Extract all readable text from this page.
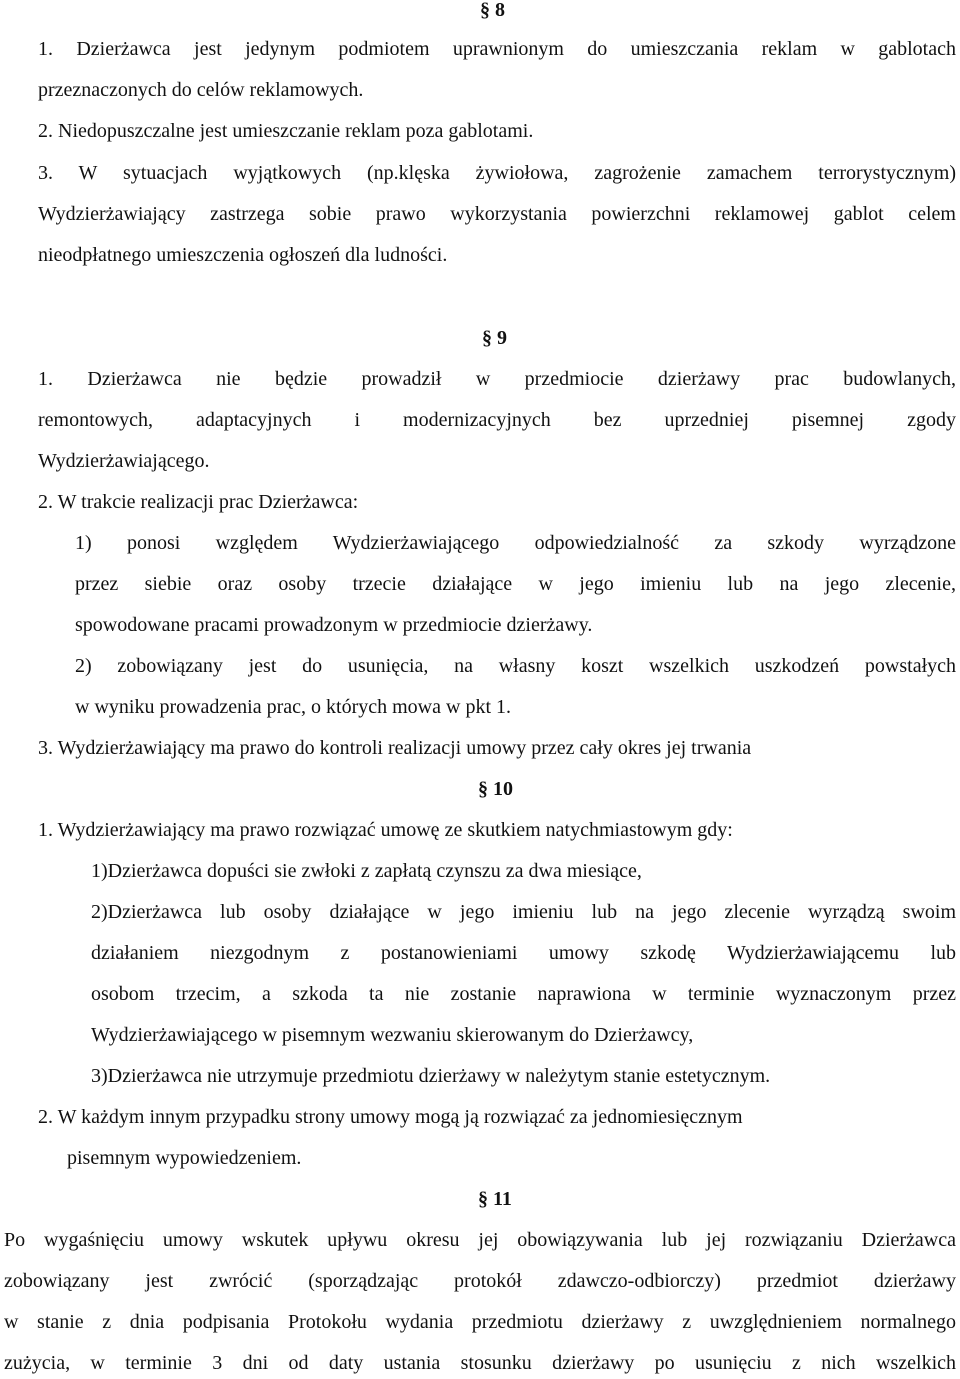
§ 8
1. Dzierżawca jest jedynym podmiotem uprawnionym do umieszczania reklam w gablotach
przeznaczonych do celów reklamowych.
2. Niedopuszczalne jest umieszczanie reklam poza gablotami.
3. W sytuacjach wyjątkowych (np.klęska żywiołowa, zagrożenie zamachem terrorystycznym)
Wydzierżawiający zastrzega sobie prawo wykorzystania powierzchni reklamowej gablot celem
nieodpłatnego umieszczenia ogłoszeń dla ludności.
§ 9
1. Dzierżawca nie będzie prowadził w przedmiocie dzierżawy prac budowlanych,
remontowych, adaptacyjnych i modernizacyjnych bez uprzedniej pisemnej zgody
Wydzierżawiającego.
2. W trakcie realizacji prac Dzierżawca:
1) ponosi względem Wydzierżawiającego odpowiedzialność za szkody wyrządzone
przez siebie oraz osoby trzecie działające w jego imieniu lub na jego zlecenie,
spowodowane pracami prowadzonym w przedmiocie dzierżawy.
2) zobowiązany jest do usunięcia, na własny koszt wszelkich uszkodzeń powstałych
w wyniku prowadzenia prac, o których mowa w pkt 1.
3. Wydzierżawiający ma prawo do kontroli realizacji umowy przez cały okres jej trwania
§ 10
1. Wydzierżawiający ma prawo rozwiązać umowę ze skutkiem natychmiastowym gdy:
1)Dzierżawca dopuści sie zwłoki z zapłatą czynszu za dwa miesiące,
2)Dzierżawca lub osoby działające w jego imieniu lub na jego zlecenie wyrządzą swoim
działaniem niezgodnym z postanowieniami umowy szkodę Wydzierżawiającemu lub
osobom trzecim, a szkoda ta nie zostanie naprawiona w terminie wyznaczonym przez
Wydzierżawiającego w pisemnym wezwaniu skierowanym do Dzierżawcy,
3)Dzierżawca nie utrzymuje przedmiotu dzierżawy w należytym stanie estetycznym.
2. W każdym innym przypadku strony umowy mogą ją rozwiązać za jednomiesięcznym
pisemnym wypowiedzeniem.
§ 11
Po wygaśnięciu umowy wskutek upływu okresu jej obowiązywania lub jej rozwiązaniu Dzierżawca
zobowiązany jest zwrócić (sporządzając protokół zdawczo-odbiorczy) przedmiot dzierżawy
w stanie z dnia podpisania Protokołu wydania przedmiotu dzierżawy z uwzględnieniem normalnego
zużycia, w terminie 3 dni od daty ustania stosunku dzierżawy po usunięciu z nich wszelkich
